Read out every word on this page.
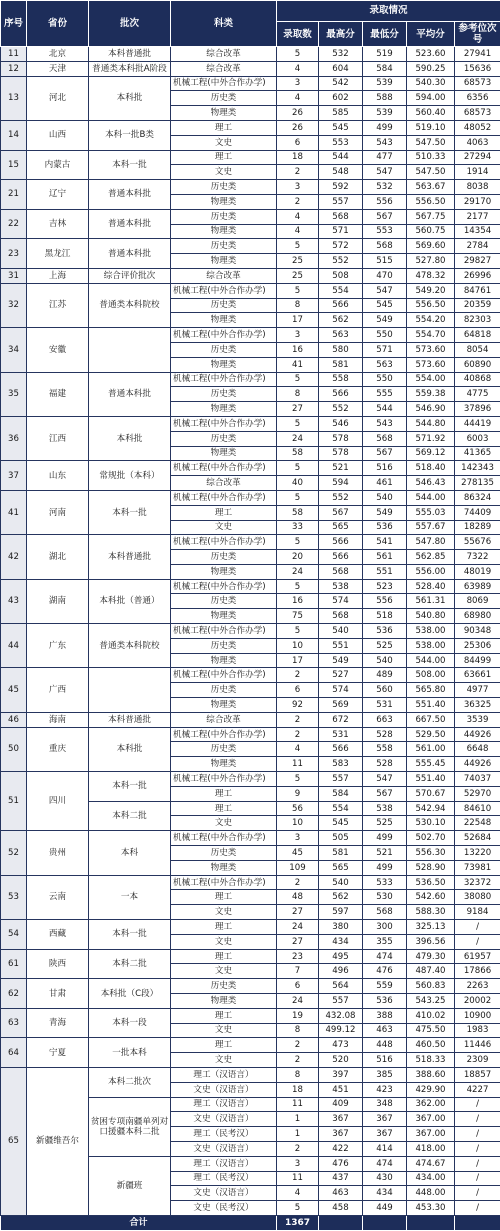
序号	省份	批次	科类	录取情况				
				录取数	最高分	最低分	平均分	参考位次号
11	北京	本科普通批	综合改革	5	532	519	523.60	27941
12	天津	普通类本科批A阶段	综合改革	4	604	584	590.25	15636
13	河北	本科批	机械工程(中外合作办学)	3	542	539	540.30	68573
			历史类	4	602	588	594.00	6356
			物理类	26	585	539	560.40	68573
14	山西	本科一批B类	理工	26	545	499	519.10	48052
			文史	6	553	543	547.50	4063
15	内蒙古	本科一批	理工	18	544	477	510.33	27294
			文史	2	548	547	547.50	1914
21	辽宁	普通本科批	历史类	3	592	532	563.67	8038
			物理类	2	557	556	556.50	29170
22	吉林	普通本科批	历史类	4	568	567	567.75	2177
			物理类	4	571	553	560.75	14354
23	黑龙江	普通本科批	历史类	5	572	568	569.60	2784
			物理类	25	552	515	527.80	29827
31	上海	综合评价批次	综合改革	25	508	470	478.32	26996
32	江苏	普通类本科院校	机械工程(中外合作办学)	5	554	547	549.20	84761
			历史类	8	566	545	556.50	20359
			物理类	17	562	549	554.20	82303
34	安徽		机械工程(中外合作办学)	3	563	550	554.70	64818
			历史类	16	580	571	573.60	8054
			物理类	41	581	563	573.60	60890
35	福建	普通本科批	机械工程(中外合作办学)	5	558	550	554.00	40868
			历史类	8	566	555	559.38	4775
			物理类	27	552	544	546.90	37896
36	江西	本科批	机械工程(中外合作办学)	5	546	543	544.80	44419
			历史类	24	578	568	571.92	6003
			物理类	58	578	567	569.12	41365
37	山东	常规批（本科）	机械工程(中外合作办学)	5	521	516	518.40	142343
			综合改革	40	594	461	546.43	278135
41	河南	本科一批	机械工程(中外合作办学)	5	552	540	544.00	86324
			理工	58	567	549	555.03	74409
			文史	33	565	536	557.67	18289
42	湖北	本科普通批	机械工程(中外合作办学)	5	566	541	547.80	55676
			历史类	20	566	561	562.85	7322
			物理类	24	568	551	556.00	48019
43	湖南	本科批（普通）	机械工程(中外合作办学)	5	538	523	528.40	63989
			历史类	16	574	556	561.31	8069
			物理类	75	568	518	540.80	68980
44	广东	普通类本科院校	机械工程(中外合作办学)	5	540	536	538.00	90348
			历史类	10	551	525	538.00	25306
			物理类	17	549	540	544.00	84499
45	广西		机械工程(中外合作办学)	2	527	489	508.00	63661
			历史类	6	574	560	565.80	4977
			物理类	92	569	531	551.40	36325
46	海南	本科普通批	综合改革	2	672	663	667.50	3539
50	重庆	本科批	机械工程(中外合作办学)	2	531	528	529.50	44926
			历史类	4	566	558	561.00	6648
			物理类	11	583	528	555.45	44926
51	四川	本科一批	机械工程(中外合作办学)	5	557	547	551.40	74037
			理工	9	584	567	570.67	52970
		本科二批	理工	56	554	538	542.94	84610
			文史	10	545	525	530.10	22548
52	贵州	本科	机械工程(中外合作办学)	3	505	499	502.70	52684
			历史类	45	581	521	556.30	13220
			物理类	109	565	499	528.90	73981
53	云南	一本	机械工程(中外合作办学)	2	540	533	536.50	32372
			理工	48	562	530	542.60	38080
			文史	27	597	568	588.30	9184
54	西藏	本科一批	理工	24	380	300	325.13	/
			文史	27	434	355	396.56	/
61	陕西	本科二批	理工	23	495	474	479.30	61957
			文史	7	496	476	487.40	17866
62	甘肃	本科批（C段）	历史类	6	564	559	560.83	2263
			物理类	24	557	536	543.25	20002
63	青海	本科一段	理工	19	432.08	388	410.02	10900
			文史	8	499.12	463	475.50	1983
64	宁夏	一批本科	理工	2	473	448	460.50	11446
			文史	2	520	516	518.33	2309
65	新疆维吾尔	本科二批次	理工（汉语言）	8	397	385	388.60	18857
			文史（汉语言）	18	451	423	429.90	4227
		贫困专项南疆单列对口援疆本科二批	理工（汉语言）	11	409	348	362.00	/
			文史（汉语言）	1	367	367	367.00	/
			理工（民考汉）	1	367	367	367.00	/
			文史（汉语言）	2	422	414	418.00	/
		新疆班	理工（汉语言）	3	476	474	474.67	/
			理工（民考汉）	11	437	430	434.00	/
			文史（汉语言）	4	463	434	448.00	/
			文史（民考汉）	5	458	449	453.30	/
合计				1367				
